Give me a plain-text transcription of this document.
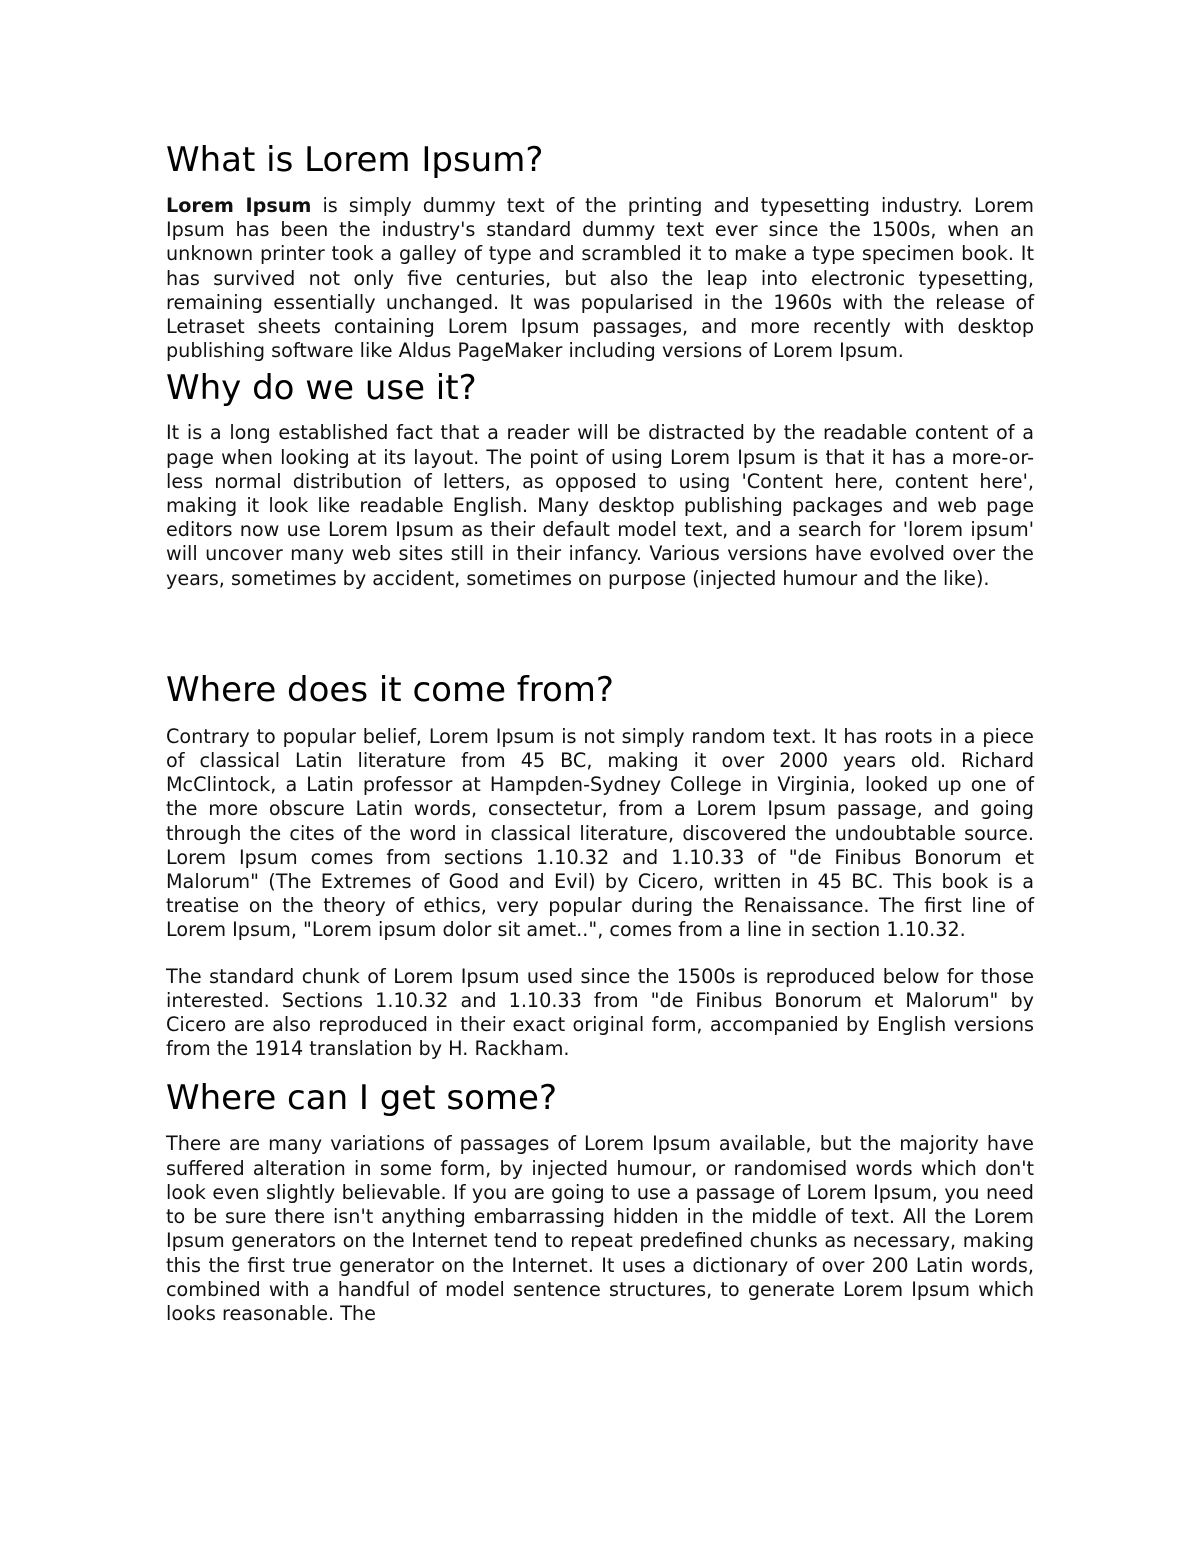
What is Lorem Ipsum?

Lorem Ipsum is simply dummy text of the printing and typesetting industry. Lorem Ipsum has been the industry's standard dummy text ever since the 1500s, when an unknown printer took a galley of type and scrambled it to make a type specimen book. It has survived not only five centuries, but also the leap into electronic typesetting, remaining essentially unchanged. It was popularised in the 1960s with the release of Letraset sheets containing Lorem Ipsum passages, and more recently with desktop publishing software like Aldus PageMaker including versions of Lorem Ipsum.

Why do we use it?

It is a long established fact that a reader will be distracted by the readable content of a page when looking at its layout. The point of using Lorem Ipsum is that it has a more-or-less normal distribution of letters, as opposed to using 'Content here, content here', making it look like readable English. Many desktop publishing packages and web page editors now use Lorem Ipsum as their default model text, and a search for 'lorem ipsum' will uncover many web sites still in their infancy. Various versions have evolved over the years, sometimes by accident, sometimes on purpose (injected humour and the like).

Where does it come from?

Contrary to popular belief, Lorem Ipsum is not simply random text. It has roots in a piece of classical Latin literature from 45 BC, making it over 2000 years old. Richard McClintock, a Latin professor at Hampden-Sydney College in Virginia, looked up one of the more obscure Latin words, consectetur, from a Lorem Ipsum passage, and going through the cites of the word in classical literature, discovered the undoubtable source. Lorem Ipsum comes from sections 1.10.32 and 1.10.33 of "de Finibus Bonorum et Malorum" (The Extremes of Good and Evil) by Cicero, written in 45 BC. This book is a treatise on the theory of ethics, very popular during the Renaissance. The first line of Lorem Ipsum, "Lorem ipsum dolor sit amet..", comes from a line in section 1.10.32.

The standard chunk of Lorem Ipsum used since the 1500s is reproduced below for those interested. Sections 1.10.32 and 1.10.33 from "de Finibus Bonorum et Malorum" by Cicero are also reproduced in their exact original form, accompanied by English versions from the 1914 translation by H. Rackham.

Where can I get some?

There are many variations of passages of Lorem Ipsum available, but the majority have suffered alteration in some form, by injected humour, or randomised words which don't look even slightly believable. If you are going to use a passage of Lorem Ipsum, you need to be sure there isn't anything embarrassing hidden in the middle of text. All the Lorem Ipsum generators on the Internet tend to repeat predefined chunks as necessary, making this the first true generator on the Internet. It uses a dictionary of over 200 Latin words, combined with a handful of model sentence structures, to generate Lorem Ipsum which looks reasonable. The
